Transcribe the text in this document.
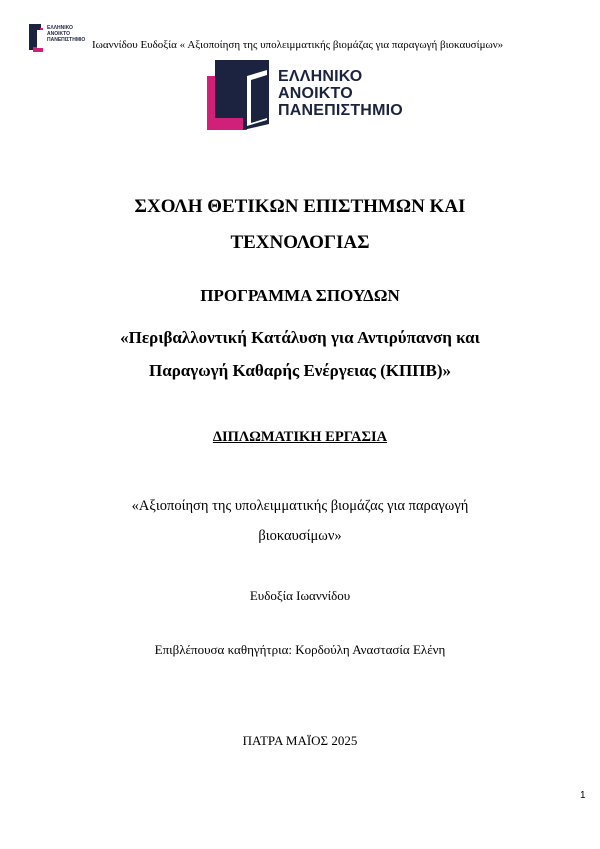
ΕΛΛΗΝΙΚΟ
ΑΝΟΙΚΤΟ
ΠΑΝΕΠΙΣΤΗΜΙΟ Ιωαννίδου Ευδοξία « Αξιοποίηση της υπολειμματικής βιομάζας για παραγωγή βιοκαυσίμων»
ΕΛΛΗΝΙΚΟ
ΑΝΟΙΚΤΟ
ΠΑΝΕΠΙΣΤΗΜΙΟ
ΣΧΟΛΗ ΘΕΤΙΚΩΝ ΕΠΙΣΤΗΜΩΝ ΚΑΙ
ΤΕΧΝΟΛΟΓΙΑΣ
ΠΡΟΓΡΑΜΜΑ ΣΠΟΥΔΩΝ
«Περιβαλλοντική Κατάλυση για Αντιρύπανση και
Παραγωγή Καθαρής Ενέργειας (ΚΠΠΒ)»
ΔΙΠΛΩΜΑΤΙΚΗ ΕΡΓΑΣΙΑ
«Αξιοποίηση της υπολειμματικής βιομάζας για παραγωγή
βιοκαυσίμων»
Ευδοξία Ιωαννίδου
Επιβλέπουσα καθηγήτρια: Κορδούλη Αναστασία Ελένη
ΠΑΤΡΑ ΜΑΪΟΣ 2025
1
